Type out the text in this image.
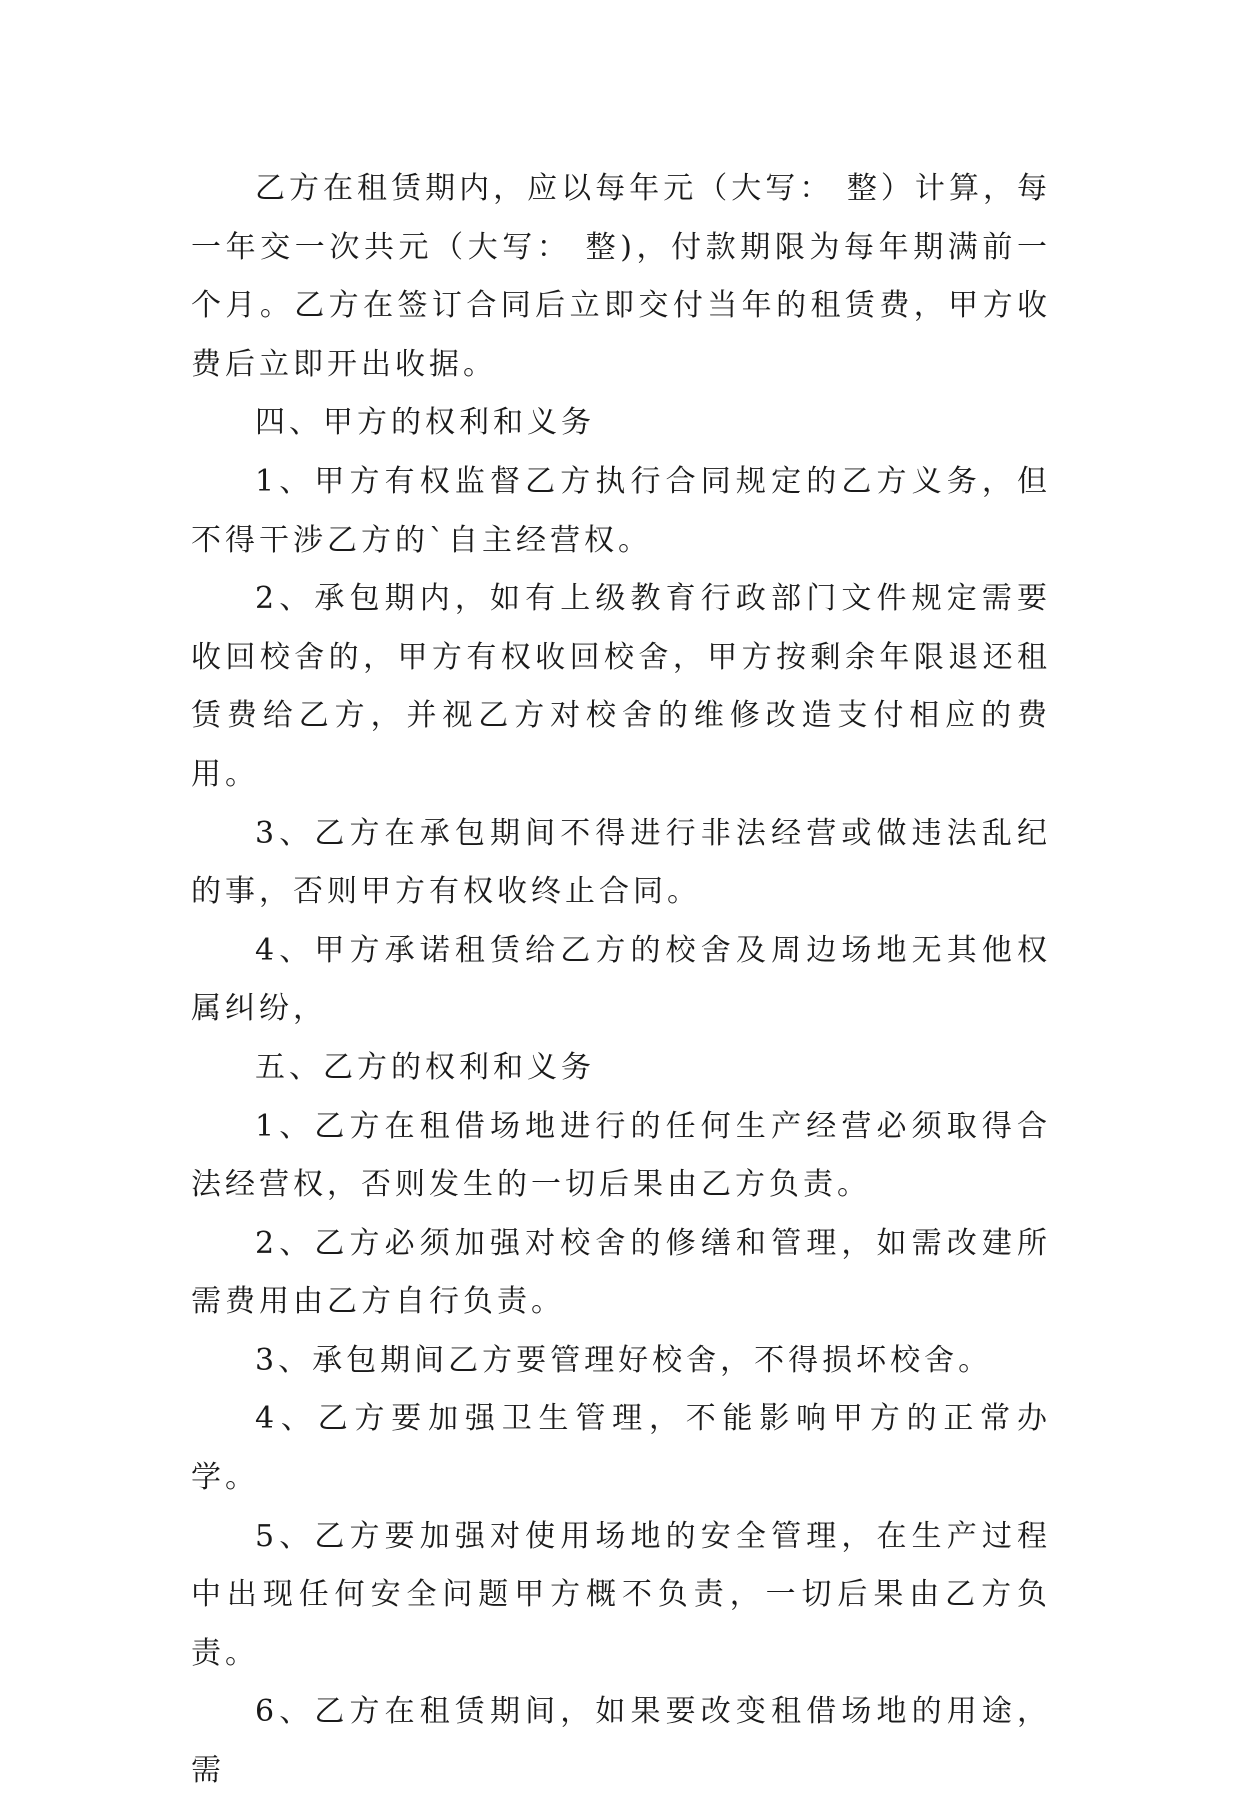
乙方在租赁期内，应以每年元（大写： 整）计算，每一年交一次共元（大写： 整)，付款期限为每年期满前一个月。乙方在签订合同后立即交付当年的租赁费，甲方收费后立即开出收据。

四、甲方的权利和义务

1、甲方有权监督乙方执行合同规定的乙方义务，但不得干涉乙方的`自主经营权。

2、承包期内，如有上级教育行政部门文件规定需要收回校舍的，甲方有权收回校舍，甲方按剩余年限退还租赁费给乙方，并视乙方对校舍的维修改造支付相应的费用。

3、乙方在承包期间不得进行非法经营或做违法乱纪的事，否则甲方有权收终止合同。

4、甲方承诺租赁给乙方的校舍及周边场地无其他权属纠纷，

五、乙方的权利和义务

1、乙方在租借场地进行的任何生产经营必须取得合法经营权，否则发生的一切后果由乙方负责。

2、乙方必须加强对校舍的修缮和管理，如需改建所需费用由乙方自行负责。

3、承包期间乙方要管理好校舍，不得损坏校舍。

4、乙方要加强卫生管理，不能影响甲方的正常办学。

5、乙方要加强对使用场地的安全管理，在生产过程中出现任何安全问题甲方概不负责，一切后果由乙方负责。

6、乙方在租赁期间，如果要改变租借场地的用途，需
